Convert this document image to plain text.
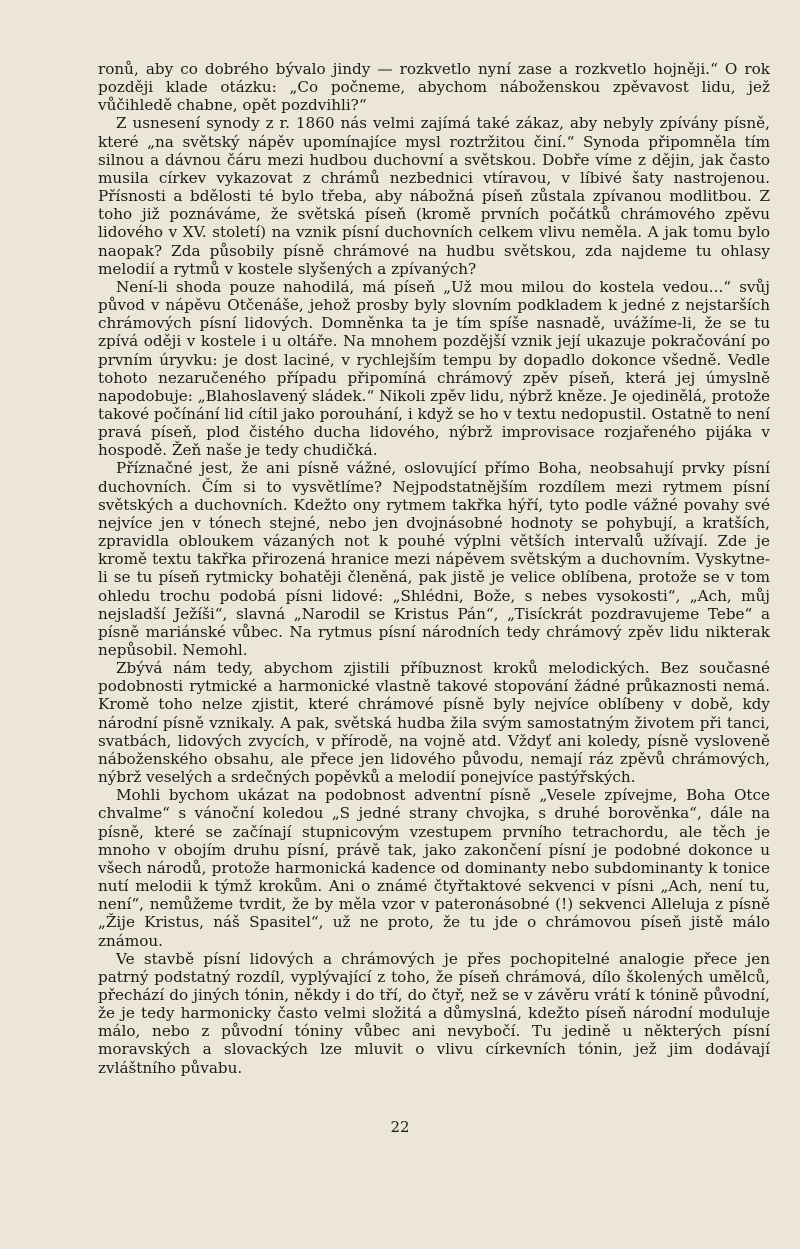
ronů, aby co dobrého bývalo jindy — rozkvetlo nyní zase a rozkvetlo hojněji.“ O rok později klade otázku: „Co počneme, abychom náboženskou zpěvavost lidu, jež vůčihledě chabne, opět pozdvihli?“

Z usnesení synody z r. 1860 nás velmi zajímá také zákaz, aby nebyly zpívány písně, které „na světský nápěv upomínajíce mysl roztržitou činí.“ Synoda připomněla tím silnou a dávnou čáru mezi hudbou duchovní a světskou. Dobře víme z dějin, jak často musila církev vykazovat z chrámů nezbednici vtíravou, v líbivé šaty nastrojenou. Přísnosti a bdělosti té bylo třeba, aby nábožná píseň zůstala zpívanou modlitbou. Z toho již poznáváme, že světská píseň (kromě prvních počátků chrámového zpěvu lidového v XV. století) na vznik písní duchovních celkem vlivu neměla. A jak tomu bylo naopak? Zda působily písně chrámové na hudbu světskou, zda najdeme tu ohlasy melodií a rytmů v kostele slyšených a zpívaných?

Není-li shoda pouze nahodilá, má píseň „Už mou milou do kostela vedou...“ svůj původ v nápěvu Otčenáše, jehož prosby byly slovním podkladem k jedné z nejstarších chrámových písní lidových. Domněnka ta je tím spíše nasnadě, uvážíme-li, že se tu zpívá oději v kostele i u oltáře. Na mnohem pozdější vznik její ukazuje pokračování po prvním úryvku: je dost laciné, v rychlejším tempu by dopadlo dokonce všedně. Vedle tohoto nezaručeného případu připomíná chrámový zpěv píseň, která jej úmyslně napodobuje: „Blahoslavený sládek.“ Nikoli zpěv lidu, nýbrž kněze. Je ojedinělá, protože takové počínání lid cítil jako porouhání, i když se ho v textu nedopustil. Ostatně to není pravá píseň, plod čistého ducha lidového, nýbrž improvisace rozjařeného pijáka v hospodě. Žeň naše je tedy chudičká.

Příznačné jest, že ani písně vážné, oslovující přímo Boha, neobsahují prvky písní duchovních. Čím si to vysvětlíme? Nejpodstatnějším rozdílem mezi rytmem písní světských a duchovních. Kdežto ony rytmem takřka hýří, tyto podle vážné povahy své nejvíce jen v tónech stejné, nebo jen dvojnásobné hodnoty se pohybují, a kratších, zpravidla obloukem vázaných not k pouhé výplni větších intervalů užívají. Zde je kromě textu takřka přirozená hranice mezi nápěvem světským a duchovním. Vyskytne-li se tu píseň rytmicky bohatěji členěná, pak jistě je velice oblíbena, protože se v tom ohledu trochu podobá písni lidové: „Shlédni, Bože, s nebes vysokosti“, „Ach, můj nejsladší Ježíši“, slavná „Narodil se Kristus Pán“, „Tisíckrát pozdravujeme Tebe“ a písně mariánské vůbec. Na rytmus písní národních tedy chrámový zpěv lidu nikterak nepůsobil. Nemohl.

Zbývá nám tedy, abychom zjistili příbuznost kroků melodických. Bez současné podobnosti rytmické a harmonické vlastně takové stopování žádné průkaznosti nemá. Kromě toho nelze zjistit, které chrámové písně byly nejvíce oblíbeny v době, kdy národní písně vznikaly. A pak, světská hudba žila svým samostatným životem při tanci, svatbách, lidových zvycích, v přírodě, na vojně atd. Vždyť ani koledy, písně vysloveně náboženského obsahu, ale přece jen lidového původu, nemají ráz zpěvů chrámových, nýbrž veselých a srdečných popěvků a melodií ponejvíce pastýřských.

Mohli bychom ukázat na podobnost adventní písně „Vesele zpívejme, Boha Otce chvalme“ s vánoční koledou „S jedné strany chvojka, s druhé borověnka“, dále na písně, které se začínají stupnicovým vzestupem prvního tetrachordu, ale těch je mnoho v obojím druhu písní, právě tak, jako zakončení písní je podobné dokonce u všech národů, protože harmonická kadence od dominanty nebo subdominanty k tonice nutí melodii k týmž krokům. Ani o známé čtyřtaktové sekvenci v písni „Ach, není tu, není“, nemůžeme tvrdit, že by měla vzor v pateronásobné (!) sekvenci Alleluja z písně „Žije Kristus, náš Spasitel“, už ne proto, že tu jde o chrámovou píseň jistě málo známou.

Ve stavbě písní lidových a chrámových je přes pochopitelné analogie přece jen patrný podstatný rozdíl, vyplývající z toho, že píseň chrámová, dílo školených umělců, přechází do jiných tónin, někdy i do tří, do čtyř, než se v závěru vrátí k tónině původní, že je tedy harmonicky často velmi složitá a důmyslná, kdežto píseň národní moduluje málo, nebo z původní tóniny vůbec ani nevybočí. Tu jedině u některých písní moravských a slovackých lze mluvit o vlivu církevních tónin, jež jim dodávají zvláštního půvabu.

22
